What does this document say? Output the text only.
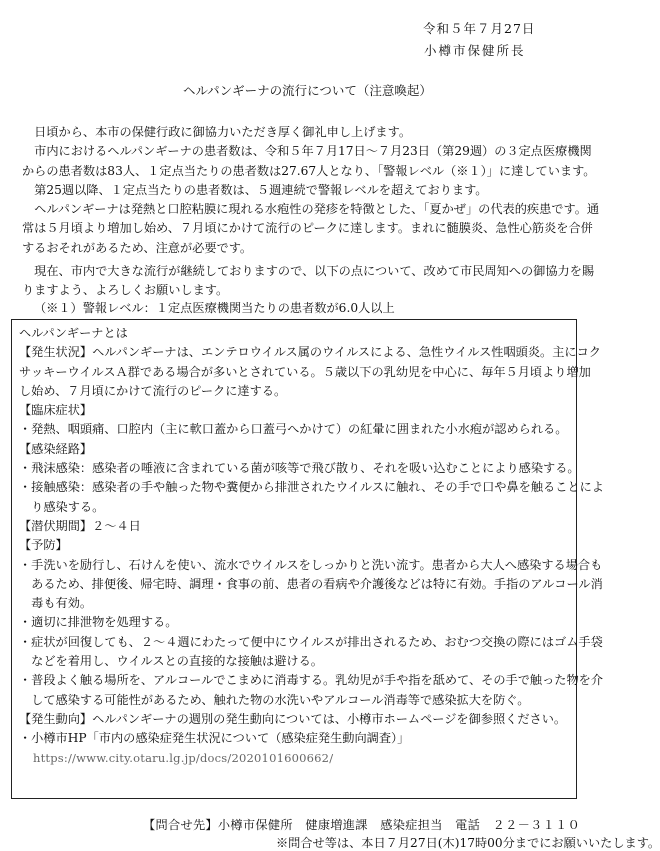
令和５年７月27日
小樽市保健所長
ヘルパンギーナの流行について（注意喚起）

　日頃から、本市の保健行政に御協力いただき厚く御礼申し上げます。

　市内におけるヘルパンギーナの患者数は、令和５年７月17日～７月23日（第29週）の３定点医療機関

からの患者数は83人、１定点当たりの患者数は27.67人となり、「警報レベル（※１）」に達しています。

　第25週以降、１定点当たりの患者数は、５週連続で警報レベルを超えております。

　ヘルパンギーナは発熱と口腔粘膜に現れる水疱性の発疹を特徴とした、「夏かぜ」の代表的疾患です。通

常は５月頃より増加し始め、７月頃にかけて流行のピークに達します。まれに髄膜炎、急性心筋炎を合併

するおそれがあるため、注意が必要です。

　現在、市内で大きな流行が継続しておりますので、以下の点について、改めて市民周知への御協力を賜

りますよう、よろしくお願いします。

（※１）警報レベル：１定点医療機関当たりの患者数が6.0人以上
ヘルパンギーナとは
【発生状況】ヘルパンギーナは、エンテロウイルス属のウイルスによる、急性ウイルス性咽頭炎。主にコク
サッキーウイルスＡ群である場合が多いとされている。５歳以下の乳幼児を中心に、毎年５月頃より増加
し始め、７月頃にかけて流行のピークに達する。
【臨床症状】
・発熱、咽頭痛、口腔内（主に軟口蓋から口蓋弓へかけて）の紅暈に囲まれた小水疱が認められる。
【感染経路】
・飛沫感染：感染者の唾液に含まれている菌が咳等で飛び散り、それを吸い込むことにより感染する。
・接触感染：感染者の手や触った物や糞便から排泄されたウイルスに触れ、その手で口や鼻を触ることによ
　り感染する。
【潜伏期間】２～４日
【予防】
・手洗いを励行し、石けんを使い、流水でウイルスをしっかりと洗い流す。患者から大人へ感染する場合も
　あるため、排便後、帰宅時、調理・食事の前、患者の看病や介護後などは特に有効。手指のアルコール消
　毒も有効。
・適切に排泄物を処理する。
・症状が回復しても、２～４週にわたって便中にウイルスが排出されるため、おむつ交換の際にはゴム手袋
　などを着用し、ウイルスとの直接的な接触は避ける。
・普段よく触る場所を、アルコールでこまめに消毒する。乳幼児が手や指を舐めて、その手で触った物を介
　して感染する可能性があるため、触れた物の水洗いやアルコール消毒等で感染拡大を防ぐ。
【発生動向】ヘルパンギーナの週別の発生動向については、小樽市ホームページを御参照ください。
・小樽市HP「市内の感染症発生状況について（感染症発生動向調査）」
https://www.city.otaru.lg.jp/docs/2020101600662/
【問合せ先】小樽市保健所　健康増進課　感染症担当　電話　２２－３１１０
※問合せ等は、本日７月27日(木)17時00分までにお願いいたします。
